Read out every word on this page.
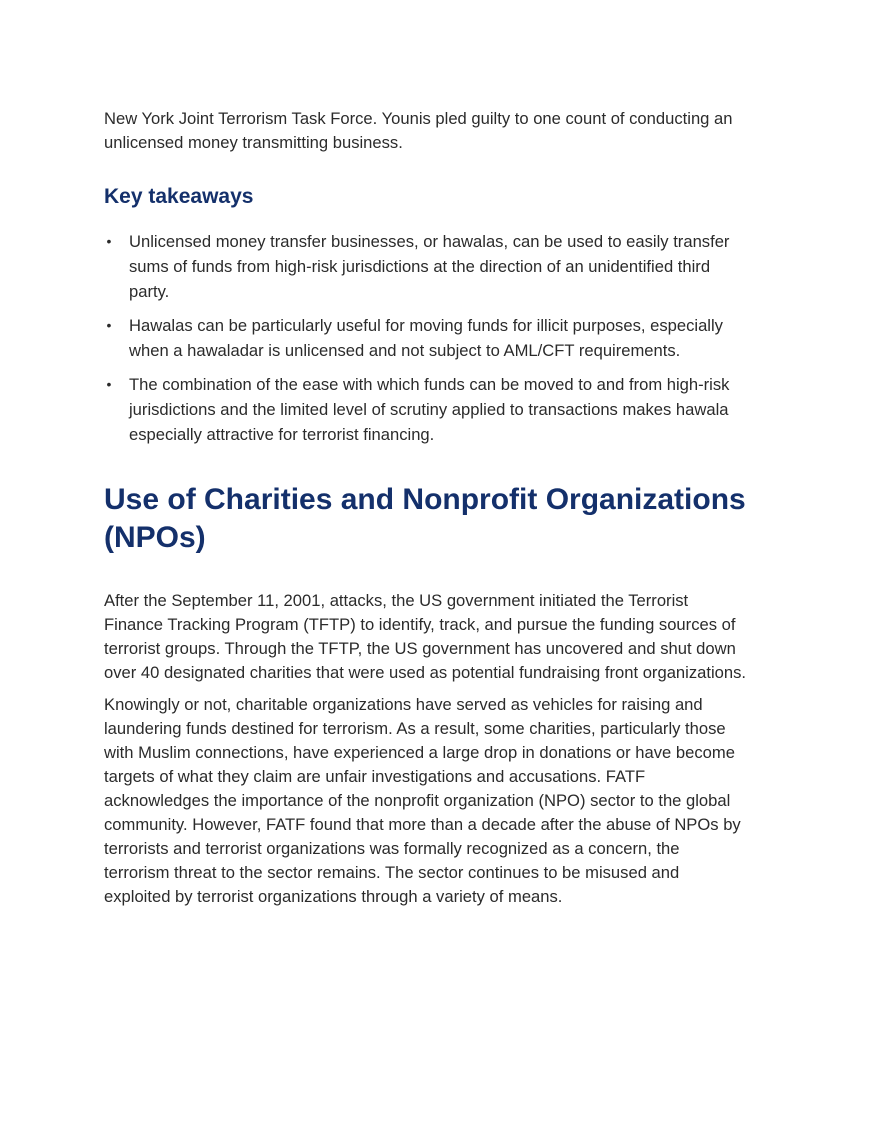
New York Joint Terrorism Task Force. Younis pled guilty to one count of conducting an unlicensed money transmitting business.

Key takeaways
• Unlicensed money transfer businesses, or hawalas, can be used to easily transfer sums of funds from high-risk jurisdictions at the direction of an unidentified third party.
• Hawalas can be particularly useful for moving funds for illicit purposes, especially when a hawaladar is unlicensed and not subject to AML/CFT requirements.
• The combination of the ease with which funds can be moved to and from high-risk jurisdictions and the limited level of scrutiny applied to transactions makes hawala especially attractive for terrorist financing.
Use of Charities and Nonprofit Organizations (NPOs)

After the September 11, 2001, attacks, the US government initiated the Terrorist Finance Tracking Program (TFTP) to identify, track, and pursue the funding sources of terrorist groups. Through the TFTP, the US government has uncovered and shut down over 40 designated charities that were used as potential fundraising front organizations.

Knowingly or not, charitable organizations have served as vehicles for raising and laundering funds destined for terrorism. As a result, some charities, particularly those with Muslim connections, have experienced a large drop in donations or have become targets of what they claim are unfair investigations and accusations. FATF acknowledges the importance of the nonprofit organization (NPO) sector to the global community. However, FATF found that more than a decade after the abuse of NPOs by terrorists and terrorist organizations was formally recognized as a concern, the terrorism threat to the sector remains. The sector continues to be misused and exploited by terrorist organizations through a variety of means.
